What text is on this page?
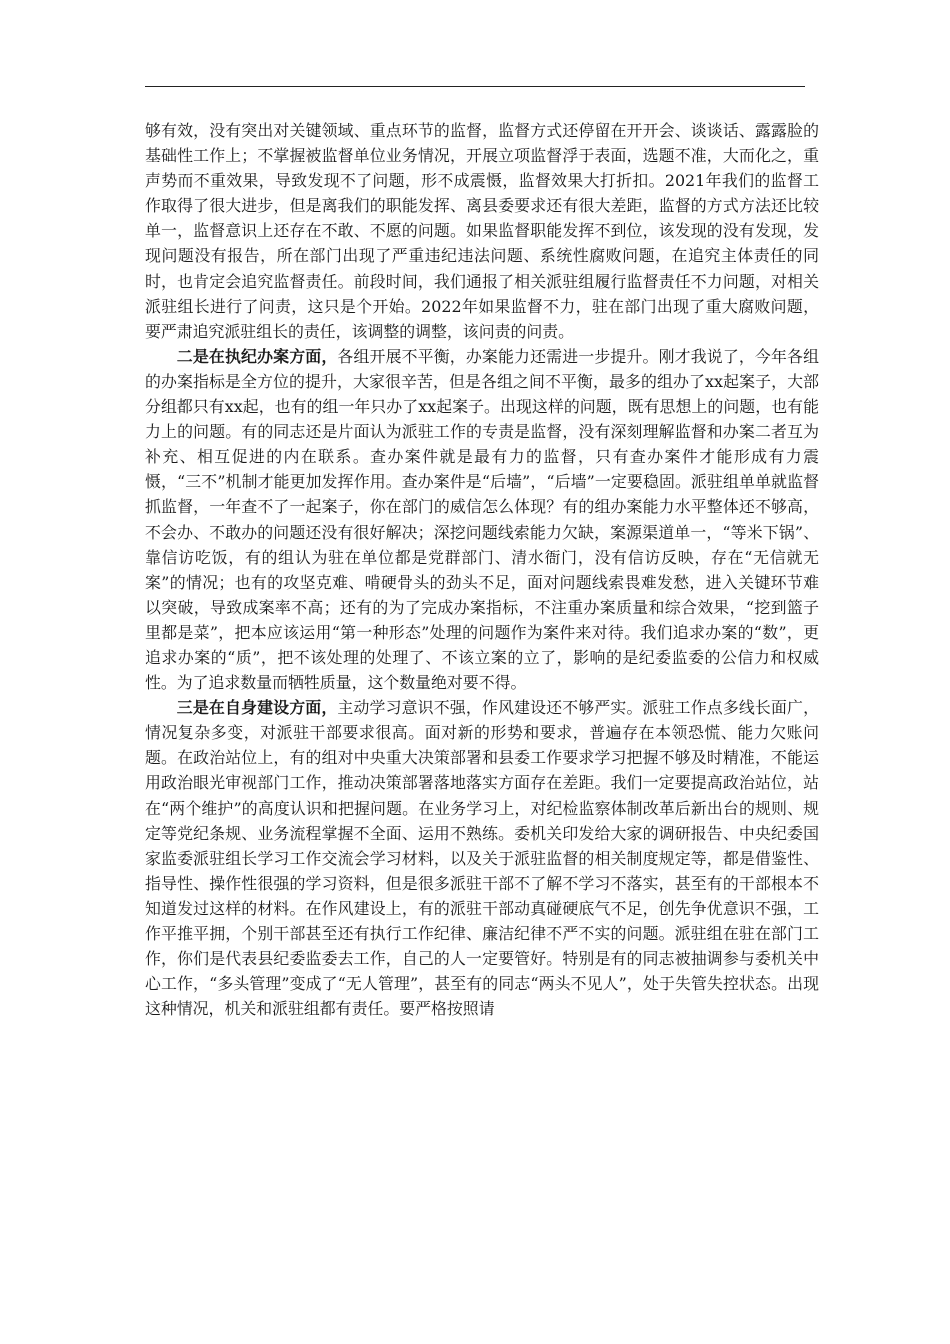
够有效，没有突出对关键领域、重点环节的监督，监督方式还停留在开开会、谈谈话、露露脸的基础性工作上；不掌握被监督单位业务情况，开展立项监督浮于表面，选题不准，大而化之，重声势而不重效果，导致发现不了问题，形不成震慑，监督效果大打折扣。2021年我们的监督工作取得了很大进步，但是离我们的职能发挥、离县委要求还有很大差距，监督的方式方法还比较单一，监督意识上还存在不敢、不愿的问题。如果监督职能发挥不到位，该发现的没有发现，发现问题没有报告，所在部门出现了严重违纪违法问题、系统性腐败问题，在追究主体责任的同时，也肯定会追究监督责任。前段时间，我们通报了相关派驻组履行监督责任不力问题，对相关派驻组长进行了问责，这只是个开始。2022年如果监督不力，驻在部门出现了重大腐败问题，要严肃追究派驻组长的责任，该调整的调整，该问责的问责。

二是在执纪办案方面，各组开展不平衡，办案能力还需进一步提升。刚才我说了，今年各组的办案指标是全方位的提升，大家很辛苦，但是各组之间不平衡，最多的组办了xx起案子，大部分组都只有xx起，也有的组一年只办了xx起案子。出现这样的问题，既有思想上的问题，也有能力上的问题。有的同志还是片面认为派驻工作的专责是监督，没有深刻理解监督和办案二者互为补充、相互促进的内在联系。查办案件就是最有力的监督，只有查办案件才能形成有力震慑，“三不”机制才能更加发挥作用。查办案件是“后墙”，“后墙”一定要稳固。派驻组单单就监督抓监督，一年查不了一起案子，你在部门的威信怎么体现？有的组办案能力水平整体还不够高，不会办、不敢办的问题还没有很好解决；深挖问题线索能力欠缺，案源渠道单一，“等米下锅”、靠信访吃饭，有的组认为驻在单位都是党群部门、清水衙门，没有信访反映，存在“无信就无案”的情况；也有的攻坚克难、啃硬骨头的劲头不足，面对问题线索畏难发愁，进入关键环节难以突破，导致成案率不高；还有的为了完成办案指标，不注重办案质量和综合效果，“挖到篮子里都是菜”，把本应该运用“第一种形态”处理的问题作为案件来对待。我们追求办案的“数”，更追求办案的“质”，把不该处理的处理了、不该立案的立了，影响的是纪委监委的公信力和权威性。为了追求数量而牺牲质量，这个数量绝对要不得。

三是在自身建设方面，主动学习意识不强，作风建设还不够严实。派驻工作点多线长面广，情况复杂多变，对派驻干部要求很高。面对新的形势和要求，普遍存在本领恐慌、能力欠账问题。在政治站位上，有的组对中央重大决策部署和县委工作要求学习把握不够及时精准，不能运用政治眼光审视部门工作，推动决策部署落地落实方面存在差距。我们一定要提高政治站位，站在“两个维护”的高度认识和把握问题。在业务学习上，对纪检监察体制改革后新出台的规则、规定等党纪条规、业务流程掌握不全面、运用不熟练。委机关印发给大家的调研报告、中央纪委国家监委派驻组长学习工作交流会学习材料，以及关于派驻监督的相关制度规定等，都是借鉴性、指导性、操作性很强的学习资料，但是很多派驻干部不了解不学习不落实，甚至有的干部根本不知道发过这样的材料。在作风建设上，有的派驻干部动真碰硬底气不足，创先争优意识不强，工作平推平拥，个别干部甚至还有执行工作纪律、廉洁纪律不严不实的问题。派驻组在驻在部门工作，你们是代表县纪委监委去工作，自己的人一定要管好。特别是有的同志被抽调参与委机关中心工作，“多头管理”变成了“无人管理”，甚至有的同志“两头不见人”，处于失管失控状态。出现这种情况，机关和派驻组都有责任。要严格按照请
